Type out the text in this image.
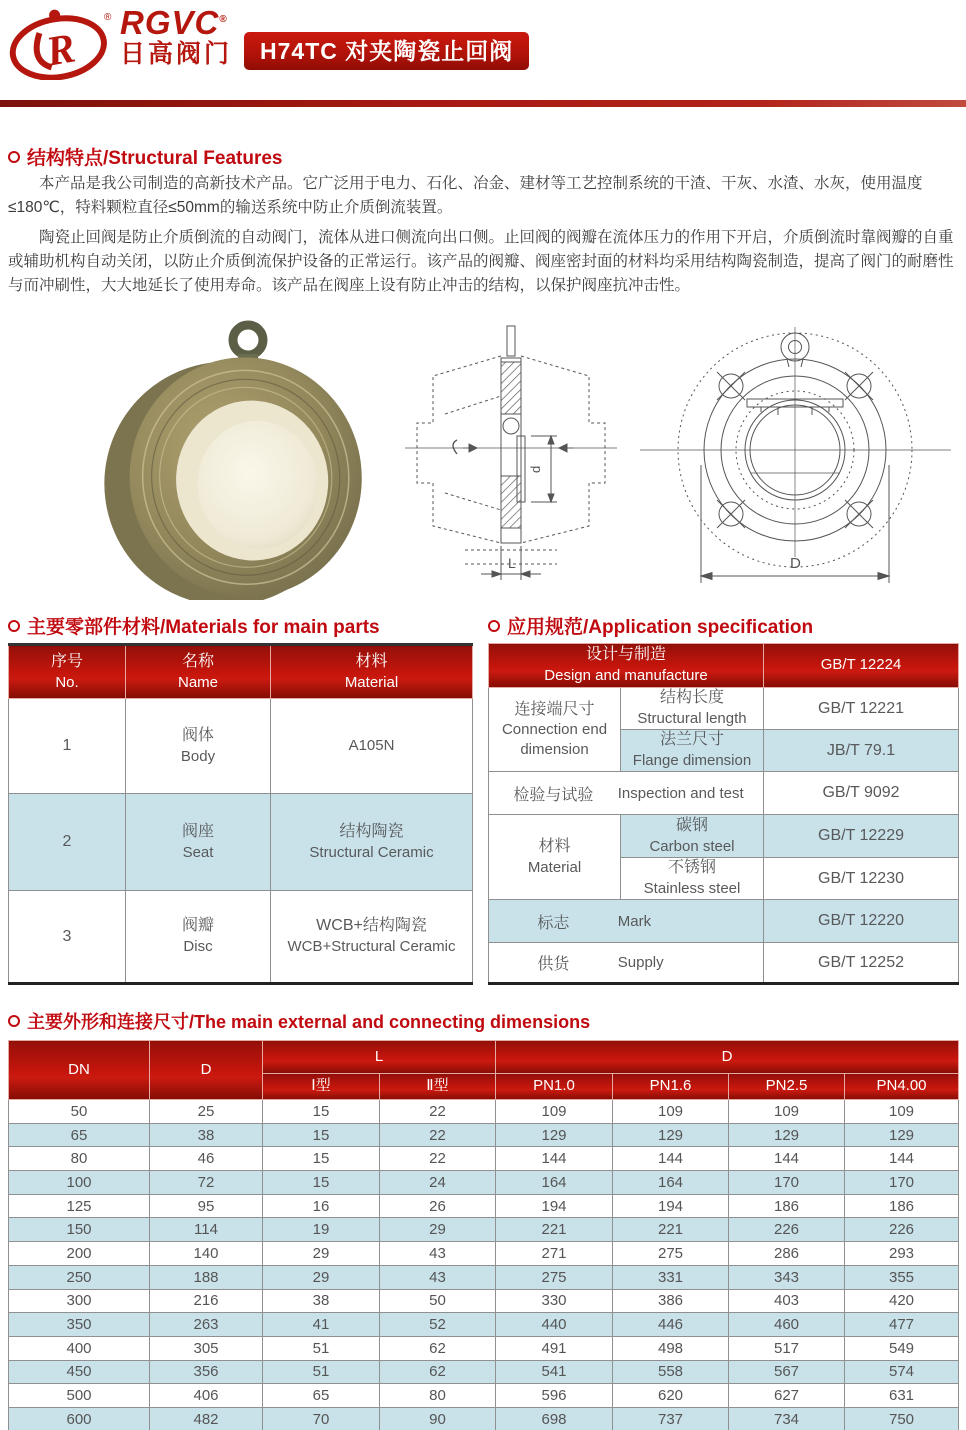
R
® RGVC®
日高阀门	H74TC 对夹陶瓷止回阀
结构特点/Structural Features

本产品是我公司制造的高新技术产品。它广泛用于电力、石化、冶金、建材等工艺控制系统的干渣、干灰、水渣、水灰，使用温度≤180℃，特料颗粒直径≤50mm的输送系统中防止介质倒流装置。

陶瓷止回阀是防止介质倒流的自动阀门，流体从进口侧流向出口侧。止回阀的阀瓣在流体压力的作用下开启，介质倒流时靠阀瓣的自重或辅助机构自动关闭，以防止介质倒流保护设备的正常运行。该产品的阀瓣、阀座密封面的材料均采用结构陶瓷制造，提高了阀门的耐磨性与而冲刷性，大大地延长了使用寿命。该产品在阀座上设有防止冲击的结构，以保护阀座抗冲击性。

d
L	D
主要零部件材料/Materials for main parts
序号
No.	名称
Name	材料
Material

1	阀体
Body	A105N

2	阀座
Seat	结构陶瓷
Structural Ceramic

3	阀瓣
Disc	WCB+结构陶瓷
WCB+Structural Ceramic
应用规范/Application specification
设计与制造
Design and manufacture		GB/T 12224

连接端尺寸
Connection end dimension	结构长度
Structural length	GB/T 12221

	法兰尺寸
Flange dimension	JB/T 79.1

检验与试验 Inspection and test		GB/T 9092

材料
Material	碳钢
Carbon steel	GB/T 12229

	不锈钢
Stainless steel	GB/T 12230

标志 Mark		GB/T 12220

供货 Supply		GB/T 12252
主要外形和连接尺寸/The main external and connecting dimensions
DN	D	L		D			
		Ⅰ型	Ⅱ型	PN1.0	PN1.6	PN2.5	PN4.00
50	25	15	22	109	109	109	109
65	38	15	22	129	129	129	129
80	46	15	22	144	144	144	144
100	72	15	24	164	164	170	170
125	95	16	26	194	194	186	186
150	114	19	29	221	221	226	226
200	140	29	43	271	275	286	293
250	188	29	43	275	331	343	355
300	216	38	50	330	386	403	420
350	263	41	52	440	446	460	477
400	305	51	62	491	498	517	549
450	356	51	62	541	558	567	574
500	406	65	80	596	620	627	631
600	482	70	90	698	737	734	750
